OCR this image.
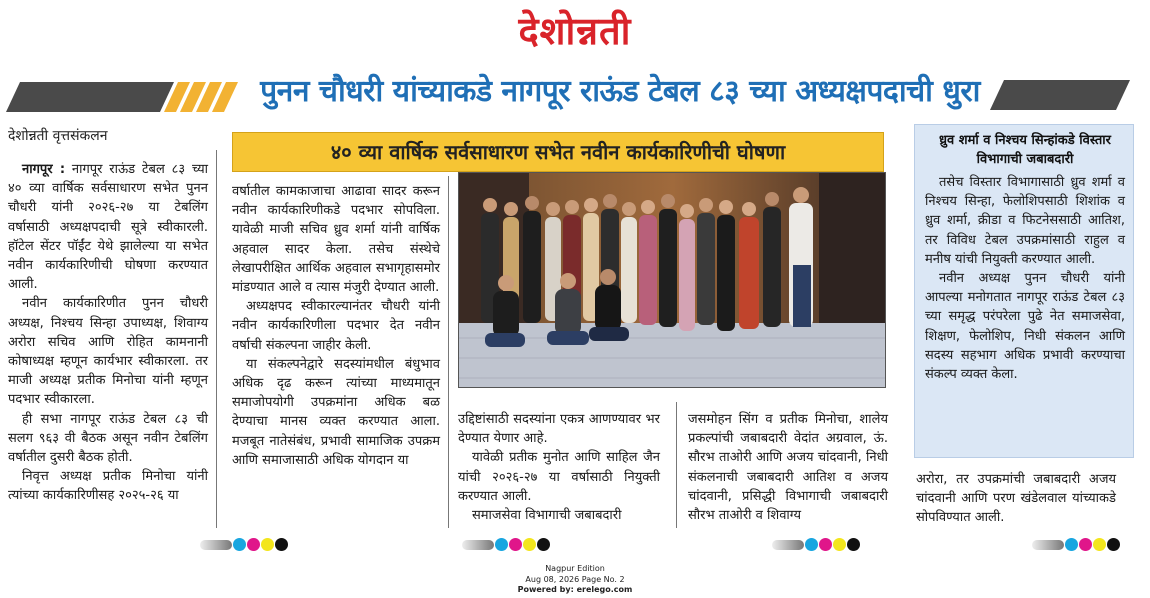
देशोन्नती
पुनन चौधरी यांच्याकडे नागपूर राऊंड टेबल ८३ च्या अध्यक्षपदाची धुरा
देशोन्नती वृत्तसंकलन
४० व्या वार्षिक सर्वसाधारण सभेत नवीन कार्यकारिणीची घोषणा

नागपूर : नागपूर राऊंड टेबल ८३ च्या ४० व्या वार्षिक सर्वसाधारण सभेत पुनन चौधरी यांनी २०२६-२७ या टेबलिंग वर्षासाठी अध्यक्षपदाची सूत्रे स्वीकारली. हॉटेल सेंटर पॉईंट येथे झालेल्या या सभेत नवीन कार्यकारिणीची घोषणा करण्यात आली.

नवीन कार्यकारिणीत पुनन चौधरी अध्यक्ष, निश्चय सिन्हा उपाध्यक्ष, शिवाग्य अरोरा सचिव आणि रोहित कामनानी कोषाध्यक्ष म्हणून कार्यभार स्वीकारला. तर माजी अध्यक्ष प्रतीक मिनोचा यांनी म्हणून पदभार स्वीकारला.

ही सभा नागपूर राऊंड टेबल ८३ ची सलग ९६३ वी बैठक असून नवीन टेबलिंग वर्षातील दुसरी बैठक होती.

निवृत्त अध्यक्ष प्रतीक मिनोचा यांनी त्यांच्या कार्यकारिणीसह २०२५-२६ या

वर्षातील कामकाजाचा आढावा सादर करून नवीन कार्यकारिणीकडे पदभार सोपविला. यावेळी माजी सचिव ध्रुव शर्मा यांनी वार्षिक अहवाल सादर केला. तसेच संस्थेचे लेखापरीक्षित आर्थिक अहवाल सभागृहासमोर मांडण्यात आले व त्यास मंजुरी देण्यात आली.

अध्यक्षपद स्वीकारल्यानंतर चौधरी यांनी नवीन कार्यकारिणीला पदभार देत नवीन वर्षाची संकल्पना जाहीर केली.

या संकल्पनेद्वारे सदस्यांमधील बंधुभाव अधिक दृढ करून त्यांच्या माध्यमातून समाजोपयोगी उपक्रमांना अधिक बळ देण्याचा मानस व्यक्त करण्यात आला. मजबूत नातेसंबंध, प्रभावी सामाजिक उपक्रम आणि समाजासाठी अधिक योगदान या

उद्दिष्टांसाठी सदस्यांना एकत्र आणण्यावर भर देण्यात येणार आहे.

यावेळी प्रतीक मुनोत आणि साहिल जैन यांची २०२६-२७ या वर्षासाठी नियुक्ती करण्यात आली.

समाजसेवा विभागाची जबाबदारी

जसमोहन सिंग व प्रतीक मिनोचा, शालेय प्रकल्पांची जबाबदारी वेदांत अग्रवाल, ऊं. सौरभ ताओरी आणि अजय चांदवानी, निधी संकलनाची जबाबदारी आतिश व अजय चांदवानी, प्रसिद्धी विभागाची जबाबदारी सौरभ ताओरी व शिवाग्य

ध्रुव शर्मा व निश्चय सिन्हांकडे विस्तार विभागाची जबाबदारी

तसेच विस्तार विभागासाठी ध्रुव शर्मा व निश्चय सिन्हा, फेलोशिपसाठी शिशांक व ध्रुव शर्मा, क्रीडा व फिटनेससाठी आतिश, तर विविध टेबल उपक्रमांसाठी राहुल व मनीष यांची नियुक्ती करण्यात आली.

नवीन अध्यक्ष पुनन चौधरी यांनी आपल्या मनोगतात नागपूर राऊंड टेबल ८३ च्या समृद्ध परंपरेला पुढे नेत समाजसेवा, शिक्षण, फेलोशिप, निधी संकलन आणि सदस्य सहभाग अधिक प्रभावी करण्याचा संकल्प व्यक्त केला.

अरोरा, तर उपक्रमांची जबाबदारी अजय चांदवानी आणि परण खंडेलवाल यांच्याकडे सोपविण्यात आली.

Nagpur Edition
Aug 08, 2026 Page No. 2
Powered by: erelego.com
